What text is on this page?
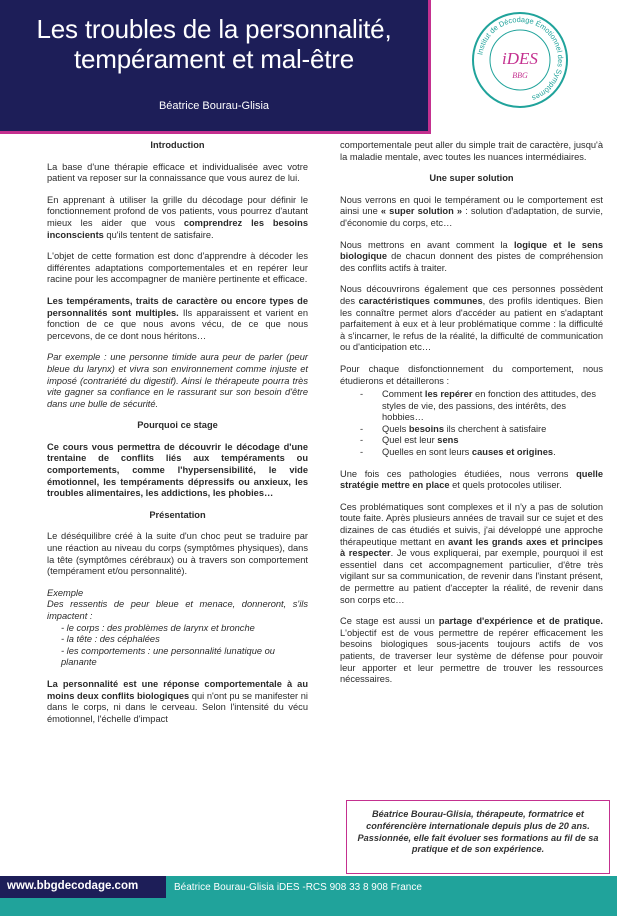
Les troubles de la personnalité,
tempérament et mal-être
Béatrice Bourau-Glisia
Institut de Décodage Émotionnel des Symptômes
iDES
BBG
Introduction

La base d'une thérapie efficace et individualisée avec votre patient va reposer sur la connaissance que vous aurez de lui.

En apprenant à utiliser la grille du décodage pour définir le fonctionnement profond de vos patients, vous pourrez d'autant mieux les aider que vous comprendrez les besoins inconscients qu'ils tentent de satisfaire.

L'objet de cette formation est donc d'apprendre à décoder les différentes adaptations comportementales et en repérer leur racine pour les accompagner de manière pertinente et efficace.

Les tempéraments, traits de caractère ou encore types de personnalités sont multiples. Ils apparaissent et varient en fonction de ce que nous avons vécu, de ce que nous percevons, de ce dont nous héritons…

Par exemple : une personne timide aura peur de parler (peur bleue du larynx) et vivra son environnement comme injuste et imposé (contrariété du digestif). Ainsi le thérapeute pourra très vite gagner sa confiance en le rassurant sur son besoin d'être dans une bulle de sécurité.

Pourquoi ce stage

Ce cours vous permettra de découvrir le décodage d'une trentaine de conflits liés aux tempéraments ou comportements, comme l'hypersensibilité, le vide émotionnel, les tempéraments dépressifs ou anxieux, les troubles alimentaires, les addictions, les phobies…

Présentation

Le déséquilibre créé à la suite d'un choc peut se traduire par une réaction au niveau du corps (symptômes physiques), dans la tête (symptômes cérébraux) ou à travers son comportement (tempérament et/ou personnalité).

Exemple
Des ressentis de peur bleue et menace, donneront, s'ils impactent :
- le corps : des problèmes de larynx et bronche
- la tête : des céphalées
- les comportements : une personnalité lunatique ou planante

La personnalité est une réponse comportementale à au moins deux conflits biologiques qui n'ont pu se manifester ni dans le corps, ni dans le cerveau. Selon l'intensité du vécu émotionnel, l'échelle d'impact

comportementale peut aller du simple trait de caractère, jusqu'à la maladie mentale, avec toutes les nuances intermédiaires.

Une super solution

Nous verrons en quoi le tempérament ou le comportement est ainsi une « super solution » : solution d'adaptation, de survie, d'économie du corps, etc…

Nous mettrons en avant comment la logique et le sens biologique de chacun donnent des pistes de compréhension des conflits actifs à traiter.

Nous découvrirons également que ces personnes possèdent des caractéristiques communes, des profils identiques. Bien les connaître permet alors d'accéder au patient en s'adaptant parfaitement à eux et à leur problématique comme : la difficulté à s'incarner, le refus de la réalité, la difficulté de communication ou d'anticipation etc…

Pour chaque disfonctionnement du comportement, nous étudierons et détaillerons :

- Comment les repérer en fonction des attitudes, des styles de vie, des passions, des intérêts, des hobbies…
- Quels besoins ils cherchent à satisfaire
- Quel est leur sens
- Quelles en sont leurs causes et origines.

Une fois ces pathologies étudiées, nous verrons quelle stratégie mettre en place et quels protocoles utiliser.

Ces problématiques sont complexes et il n'y a pas de solution toute faite. Après plusieurs années de travail sur ce sujet et des dizaines de cas étudiés et suivis, j'ai développé une approche thérapeutique mettant en avant les grands axes et principes à respecter. Je vous expliquerai, par exemple, pourquoi il est essentiel dans cet accompagnement particulier, d'être très vigilant sur sa communication, de revenir dans l'instant présent, de permettre au patient d'accepter la réalité, de revenir dans son corps etc…

Ce stage est aussi un partage d'expérience et de pratique. L'objectif est de vous permettre de repérer efficacement les besoins biologiques sous-jacents toujours actifs de vos patients, de traverser leur système de défense pour pouvoir leur apporter et leur permettre de trouver les ressources nécessaires.

Béatrice Bourau-Glisia, thérapeute, formatrice et conférencière internationale depuis plus de 20 ans. Passionnée, elle fait évoluer ses formations au fil de sa pratique et de son expérience.
www.bbgdecodage.com	Béatrice Bourau-Glisia iDES -RCS 908 33 8 908 France
